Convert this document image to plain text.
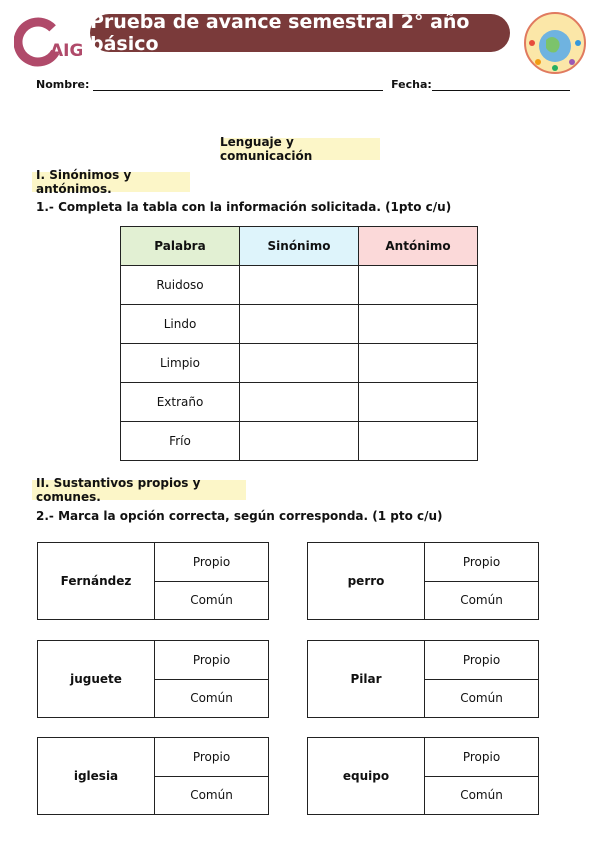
AIG
Prueba de avance semestral 2° año básico
Nombre:	Fecha:
Lenguaje y comunicación
I. Sinónimos y antónimos.
1.- Completa la tabla con la información solicitada. (1pto c/u)
Palabra	Sinónimo	Antónimo
Ruidoso		
Lindo		
Limpio		
Extraño		
Frío		
II. Sustantivos propios y comunes.
2.- Marca la opción correcta, según corresponda. (1 pto c/u)
Fernández
Propio
Común
perro
Propio
Común
juguete
Propio
Común
Pilar
Propio
Común
iglesia
Propio
Común
equipo
Propio
Común
